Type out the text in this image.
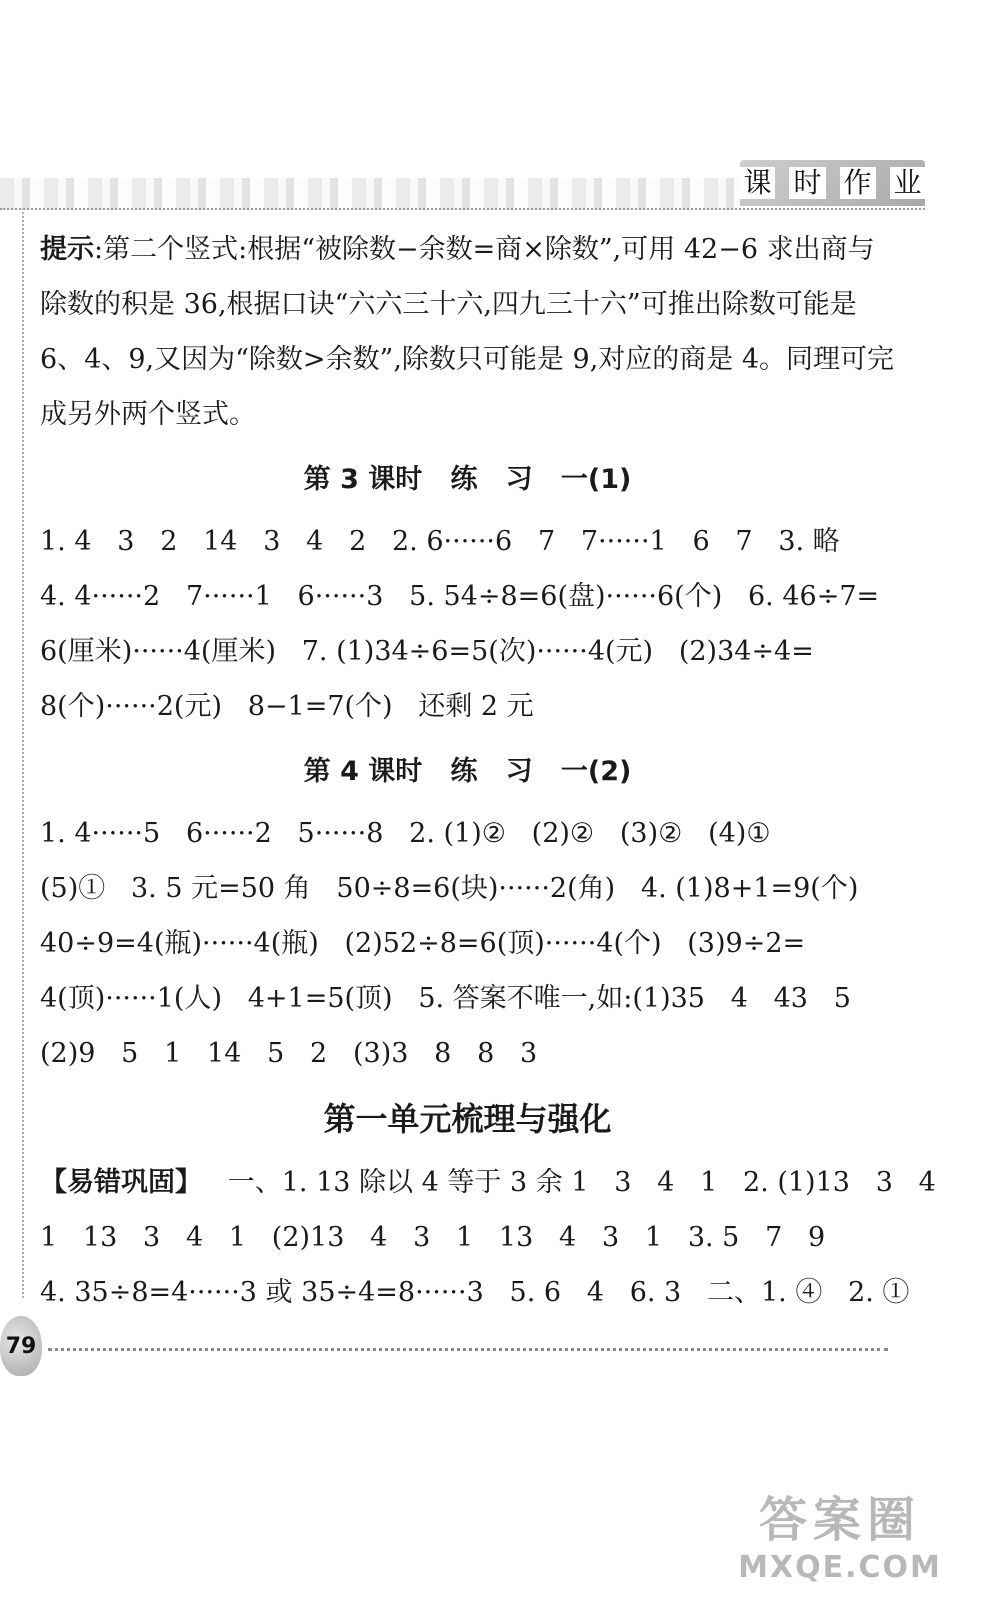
课 时 作 业

提示:第二个竖式:根据“被除数−余数=商×除数”,可用 42−6 求出商与

除数的积是 36,根据口诀“六六三十六,四九三十六”可推出除数可能是

6、4、9,又因为“除数>余数”,除数只可能是 9,对应的商是 4。同理可完

成另外两个竖式。

第 3 课时   练   习   一(1)

1. 4   3   2   14   3   4   2   2. 6······6   7   7······1   6   7   3. 略

4. 4······2   7······1   6······3   5. 54÷8=6(盘)······6(个)   6. 46÷7=

6(厘米)······4(厘米)   7. (1)34÷6=5(次)······4(元)   (2)34÷4=

8(个)······2(元)   8−1=7(个)   还剩 2 元

第 4 课时   练   习   一(2)

1. 4······5   6······2   5······8   2. (1)②   (2)②   (3)②   (4)①

(5)①   3. 5 元=50 角   50÷8=6(块)······2(角)   4. (1)8+1=9(个)

40÷9=4(瓶)······4(瓶)   (2)52÷8=6(顶)······4(个)   (3)9÷2=

4(顶)······1(人)   4+1=5(顶)   5. 答案不唯一,如:(1)35   4   43   5

(2)9   5   1   14   5   2   (3)3   8   8   3

第一单元梳理与强化

【易错巩固】   一、1. 13 除以 4 等于 3 余 1   3   4   1   2. (1)13   3   4

1   13   3   4   1   (2)13   4   3   1   13   4   3   1   3. 5   7   9

4. 35÷8=4······3 或 35÷4=8······3   5. 6   4   6. 3   二、1. ④   2. ①

79
答案圈
MXQE.COM
